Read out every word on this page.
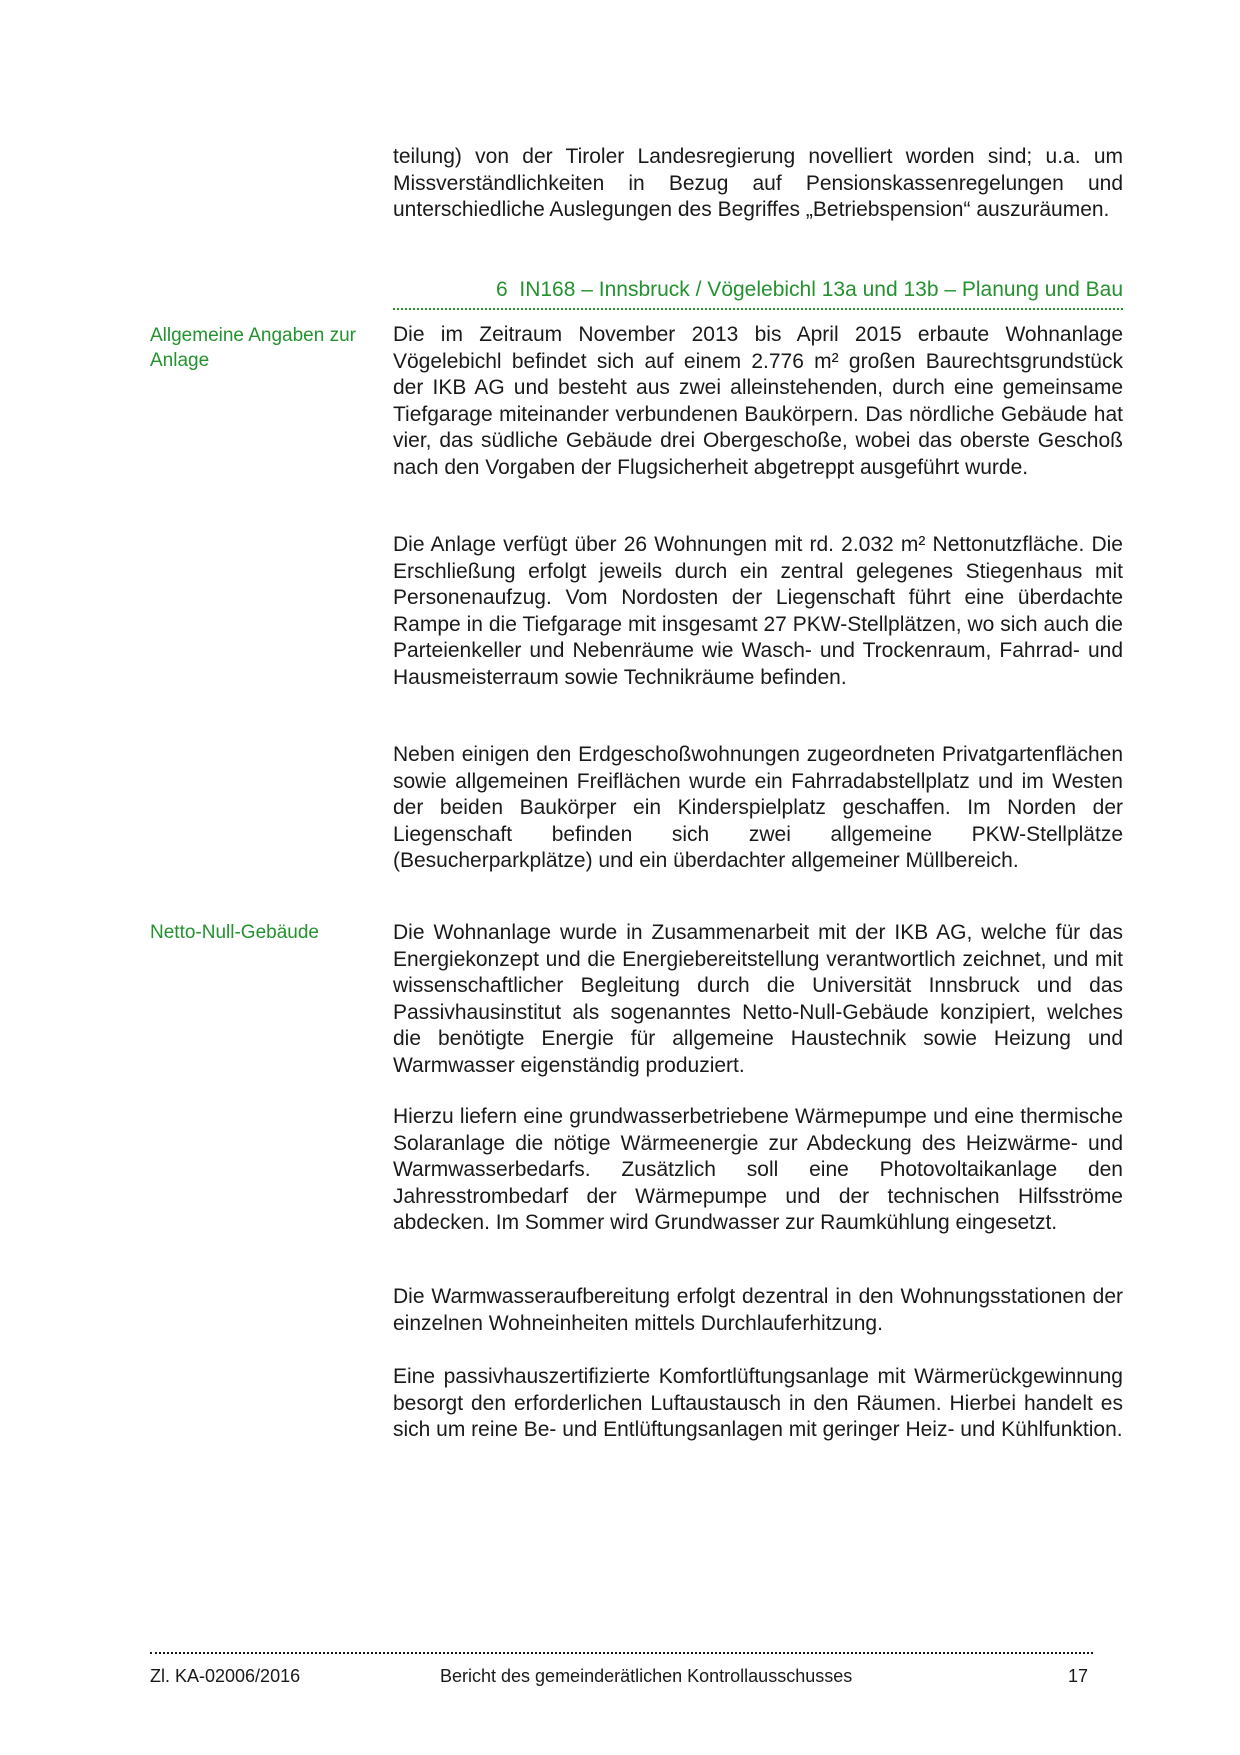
teilung) von der Tiroler Landesregierung novelliert worden sind; u.a. um Missverständlichkeiten in Bezug auf Pensionskassenregelungen und unterschiedliche Auslegungen des Begriffes „Betriebspension“ auszuräumen.

6 IN168 – Innsbruck / Vögelebichl 13a und 13b – Planung und Bau
Allgemeine Angaben zur Anlage

Die im Zeitraum November 2013 bis April 2015 erbaute Wohnanlage Vögelebichl befindet sich auf einem 2.776 m² großen Baurechtsgrundstück der IKB AG und besteht aus zwei alleinstehenden, durch eine gemeinsame Tiefgarage miteinander verbundenen Baukörpern. Das nördliche Gebäude hat vier, das südliche Gebäude drei Obergeschoße, wobei das oberste Geschoß nach den Vorgaben der Flugsicherheit abgetreppt ausgeführt wurde.

Die Anlage verfügt über 26 Wohnungen mit rd. 2.032 m² Nettonutzfläche. Die Erschließung erfolgt jeweils durch ein zentral gelegenes Stiegenhaus mit Personenaufzug. Vom Nordosten der Liegenschaft führt eine überdachte Rampe in die Tiefgarage mit insgesamt 27 PKW-Stellplätzen, wo sich auch die Parteienkeller und Nebenräume wie Wasch- und Trockenraum, Fahrrad- und Hausmeisterraum sowie Technikräume befinden.

Neben einigen den Erdgeschoßwohnungen zugeordneten Privatgartenflächen sowie allgemeinen Freiflächen wurde ein Fahrradabstellplatz und im Westen der beiden Baukörper ein Kinderspielplatz geschaffen. Im Norden der Liegenschaft befinden sich zwei allgemeine PKW-Stellplätze (Besucherparkplätze) und ein überdachter allgemeiner Müllbereich.

Netto-Null-Gebäude	Die Wohnanlage wurde in Zusammenarbeit mit der IKB AG, welche für das Energiekonzept und die Energiebereitstellung verantwortlich zeichnet, und mit wissenschaftlicher Begleitung durch die Universität Innsbruck und das Passivhausinstitut als sogenanntes Netto-Null-Gebäude konzipiert, welches die benötigte Energie für allgemeine Haustechnik sowie Heizung und Warmwasser eigenständig produziert.

Hierzu liefern eine grundwasserbetriebene Wärmepumpe und eine thermische Solaranlage die nötige Wärmeenergie zur Abdeckung des Heizwärme- und Warmwasserbedarfs. Zusätzlich soll eine Photovoltaikanlage den Jahresstrombedarf der Wärmepumpe und der technischen Hilfsströme abdecken. Im Sommer wird Grundwasser zur Raumkühlung eingesetzt.

Die Warmwasseraufbereitung erfolgt dezentral in den Wohnungsstationen der einzelnen Wohneinheiten mittels Durchlauferhitzung.

Eine passivhauszertifizierte Komfortlüftungsanlage mit Wärmerückgewinnung besorgt den erforderlichen Luftaustausch in den Räumen. Hierbei handelt es sich um reine Be- und Entlüftungsanlagen mit geringer Heiz- und Kühlfunktion.

Zl. KA-02006/2016	Bericht des gemeinderätlichen Kontrollausschusses	17
